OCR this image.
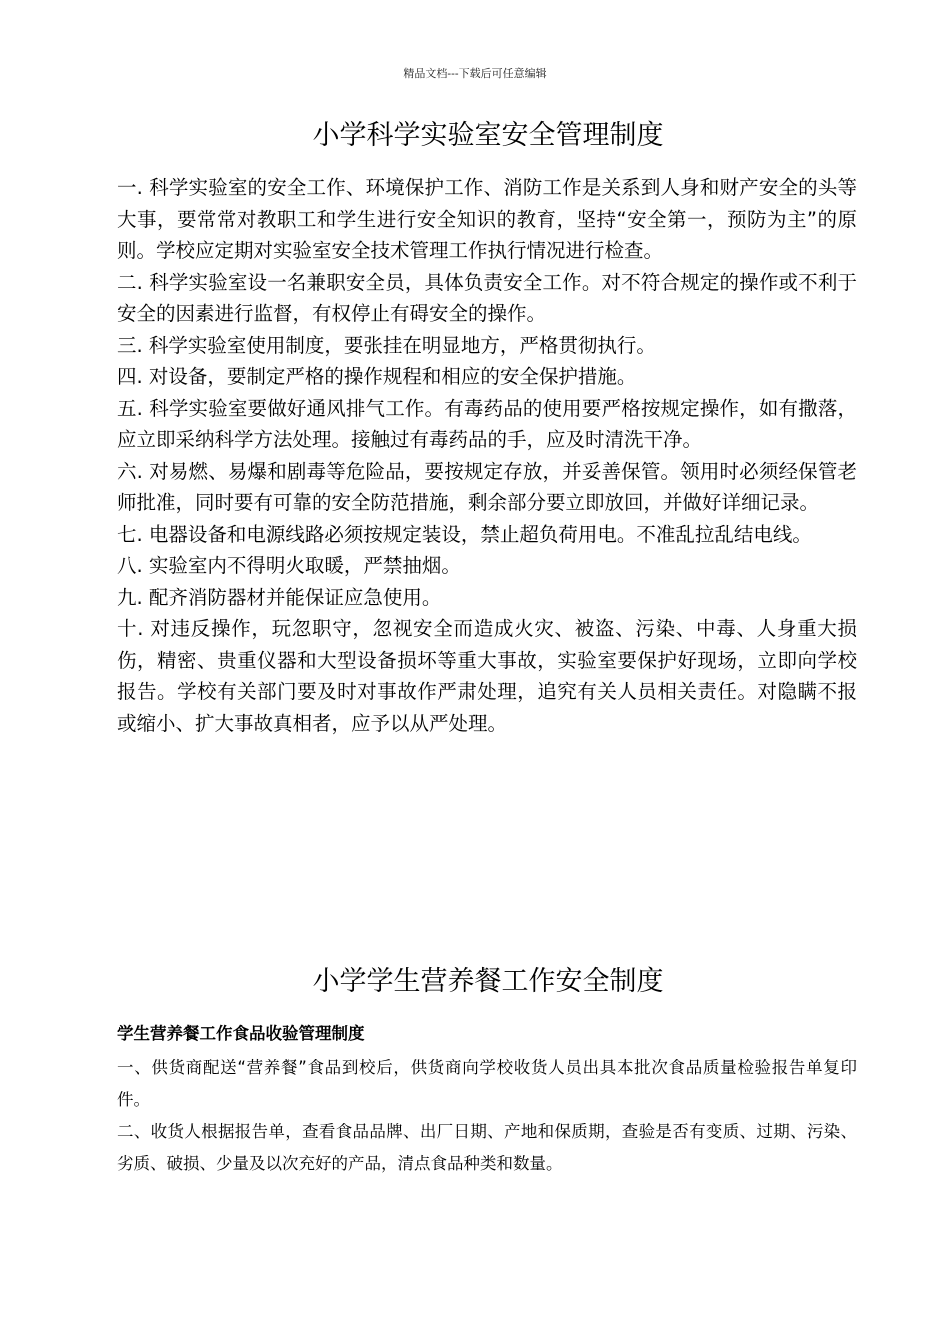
精品文档---下载后可任意编辑
小学科学实验室安全管理制度

一. 科学实验室的安全工作、环境保护工作、消防工作是关系到人身和财产安全的头等大事，要常常对教职工和学生进行安全知识的教育，坚持“安全第一，预防为主”的原则。学校应定期对实验室安全技术管理工作执行情况进行检查。

二. 科学实验室设一名兼职安全员，具体负责安全工作。对不符合规定的操作或不利于安全的因素进行监督，有权停止有碍安全的操作。

三. 科学实验室使用制度，要张挂在明显地方，严格贯彻执行。

四. 对设备，要制定严格的操作规程和相应的安全保护措施。

五. 科学实验室要做好通风排气工作。有毒药品的使用要严格按规定操作，如有撒落，应立即采纳科学方法处理。接触过有毒药品的手，应及时清洗干净。

六. 对易燃、易爆和剧毒等危险品，要按规定存放，并妥善保管。领用时必须经保管老师批准，同时要有可靠的安全防范措施，剩余部分要立即放回，并做好详细记录。

七. 电器设备和电源线路必须按规定装设，禁止超负荷用电。不准乱拉乱结电线。

八. 实验室内不得明火取暖，严禁抽烟。

九. 配齐消防器材并能保证应急使用。

十. 对违反操作，玩忽职守，忽视安全而造成火灾、被盗、污染、中毒、人身重大损伤，精密、贵重仪器和大型设备损坏等重大事故，实验室要保护好现场，立即向学校报告。学校有关部门要及时对事故作严肃处理，追究有关人员相关责任。对隐瞒不报或缩小、扩大事故真相者，应予以从严处理。

小学学生营养餐工作安全制度

学生营养餐工作食品收验管理制度

一、供货商配送“营养餐”食品到校后，供货商向学校收货人员出具本批次食品质量检验报告单复印件。

二、收货人根据报告单，查看食品品牌、出厂日期、产地和保质期，查验是否有变质、过期、污染、劣质、破损、少量及以次充好的产品，清点食品种类和数量。
